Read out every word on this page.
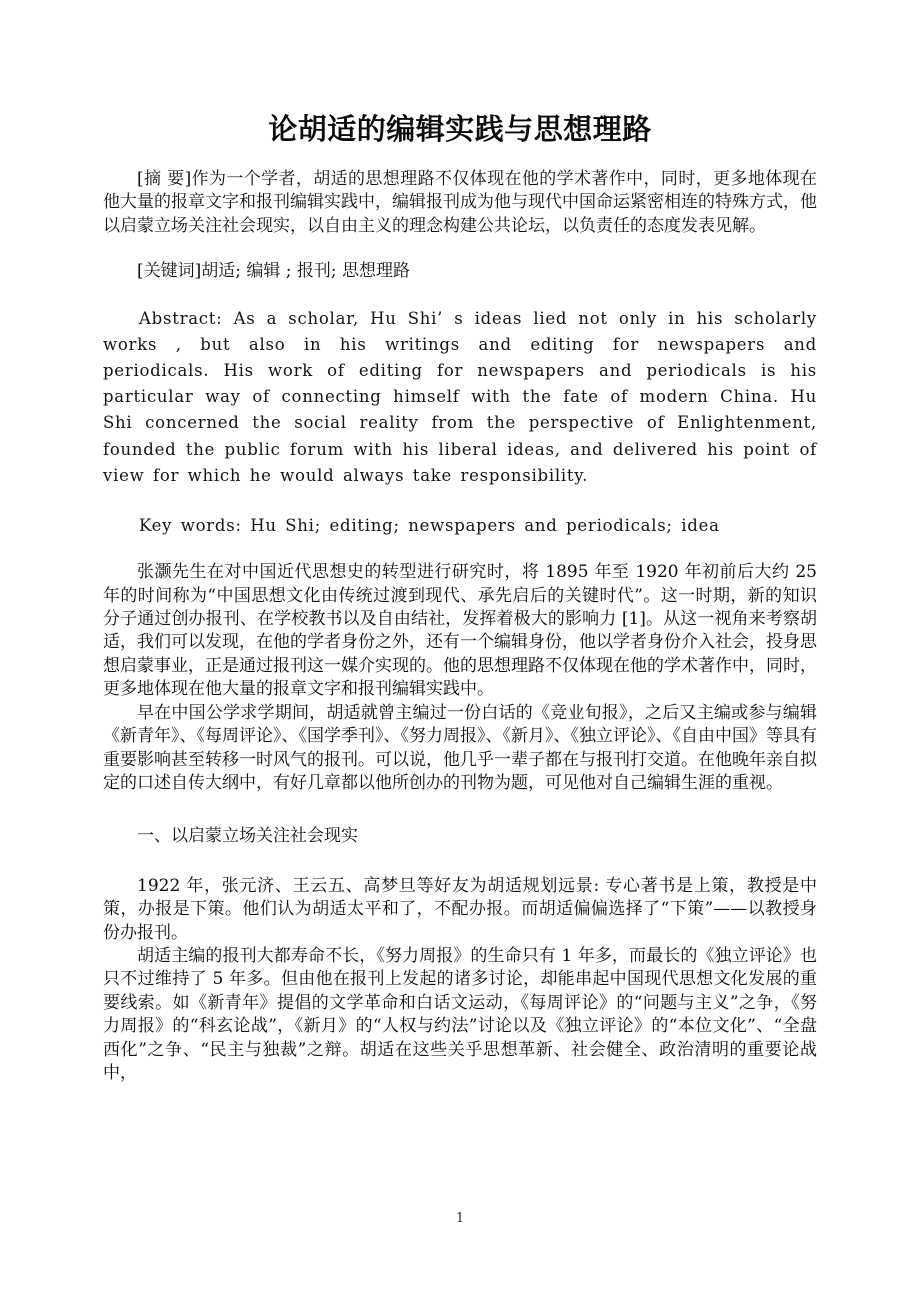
论胡适的编辑实践与思想理路

[摘 要]作为一个学者，胡适的思想理路不仅体现在他的学术著作中，同时，更多地体现在他大量的报章文字和报刊编辑实践中，编辑报刊成为他与现代中国命运紧密相连的特殊方式，他以启蒙立场关注社会现实，以自由主义的理念构建公共论坛，以负责任的态度发表见解。

[关键词]胡适; 编辑 ; 报刊; 思想理路

Abstract: As a scholar, Hu Shi’ s ideas lied not only in his scholarly works , but also in his writings and editing for newspapers and periodicals. His work of editing for newspapers and periodicals is his particular way of connecting himself with the fate of modern China. Hu Shi concerned the social reality from the perspective of Enlightenment, founded the public forum with his liberal ideas, and delivered his point of view for which he would always take responsibility.

Key words: Hu Shi; editing; newspapers and periodicals; idea

张灏先生在对中国近代思想史的转型进行研究时，将 1895 年至 1920 年初前后大约 25 年的时间称为“中国思想文化由传统过渡到现代、承先启后的关键时代”。这一时期，新的知识分子通过创办报刊、在学校教书以及自由结社，发挥着极大的影响力 [1]。从这一视角来考察胡适，我们可以发现，在他的学者身份之外，还有一个编辑身份，他以学者身份介入社会，投身思想启蒙事业，正是通过报刊这一媒介实现的。他的思想理路不仅体现在他的学术著作中，同时，更多地体现在他大量的报章文字和报刊编辑实践中。

早在中国公学求学期间，胡适就曾主编过一份白话的《竞业旬报》，之后又主编或参与编辑《新青年》、《每周评论》、《国学季刊》、《努力周报》、《新月》、《独立评论》、《自由中国》等具有重要影响甚至转移一时风气的报刊。可以说，他几乎一辈子都在与报刊打交道。在他晚年亲自拟定的口述自传大纲中，有好几章都以他所创办的刊物为题，可见他对自己编辑生涯的重视。

一、以启蒙立场关注社会现实

1922 年，张元济、王云五、高梦旦等好友为胡适规划远景: 专心著书是上策，教授是中策，办报是下策。他们认为胡适太平和了，不配办报。而胡适偏偏选择了“下策”——以教授身份办报刊。

胡适主编的报刊大都寿命不长，《努力周报》的生命只有 1 年多，而最长的《独立评论》也只不过维持了 5 年多。但由他在报刊上发起的诸多讨论，却能串起中国现代思想文化发展的重要线索。如《新青年》提倡的文学革命和白话文运动，《每周评论》的“问题与主义”之争，《努力周报》的“科玄论战”，《新月》的“人权与约法”讨论以及《独立评论》的“本位文化”、“全盘西化”之争、“民主与独裁”之辩。胡适在这些关乎思想革新、社会健全、政治清明的重要论战中，

1
